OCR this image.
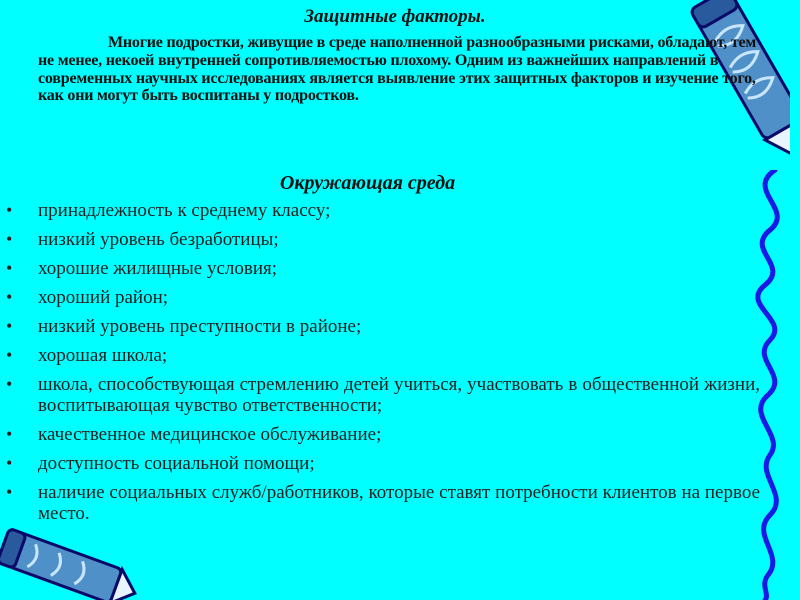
Защитные факторы.
Многие подростки, живущие в среде наполненной разнообразными рисками, обладают, тем не менее, некоей внутренней сопротивляемостью плохому. Одним из важнейших направлений в современных научных исследованиях является выявление этих защитных факторов и изучение того, как они могут быть воспитаны у подростков.
Окружающая среда
• принадлежность к среднему классу;
• низкий уровень безработицы;
• хорошие жилищные условия;
• хороший район;
• низкий уровень преступности в районе;
• хорошая школа;
• школа, способствующая стремлению детей учиться, участвовать в общественной жизни, воспитывающая чувство ответственности;
• качественное медицинское обслуживание;
• доступность социальной помощи;
• наличие социальных служб/работников, которые ставят потребности клиентов на первое место.
